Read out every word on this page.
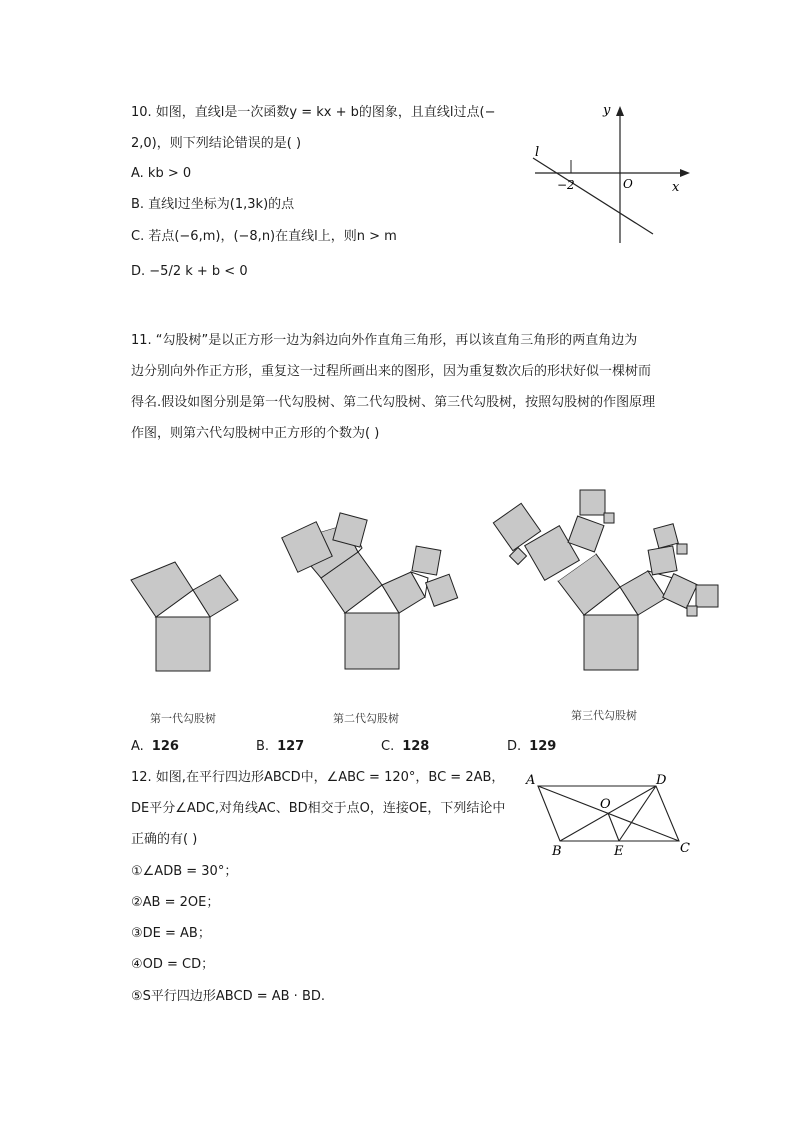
10. 如图，直线l是一次函数y = kx + b的图象，且直线l过点(−
2,0)，则下列结论错误的是( )
A. kb > 0
B. 直线l过坐标为(1,3k)的点
C. 若点(−6,m)，(−8,n)在直线l上，则n > m
D. −5/2 k + b < 0
y
x
O
l
−2
11. “勾股树”是以正方形一边为斜边向外作直角三角形，再以该直角三角形的两直角边为
边分别向外作正方形，重复这一过程所画出来的图形，因为重复数次后的形状好似一棵树而
得名.假设如图分别是第一代勾股树、第二代勾股树、第三代勾股树，按照勾股树的作图原理
作图，则第六代勾股树中正方形的个数为( )
第一代勾股树	第二代勾股树	第三代勾股树
A. 126	B. 127	C. 128	D. 129
12. 如图,在平行四边形ABCD中，∠ABC = 120°，BC = 2AB，
DE平分∠ADC,对角线AC、BD相交于点O，连接OE，下列结论中
正确的有( )
①∠ADB = 30°；
②AB = 2OE；
③DE = AB；
④OD = CD；
⑤S平行四边形ABCD = AB · BD.
A	D
O
B	E	C
